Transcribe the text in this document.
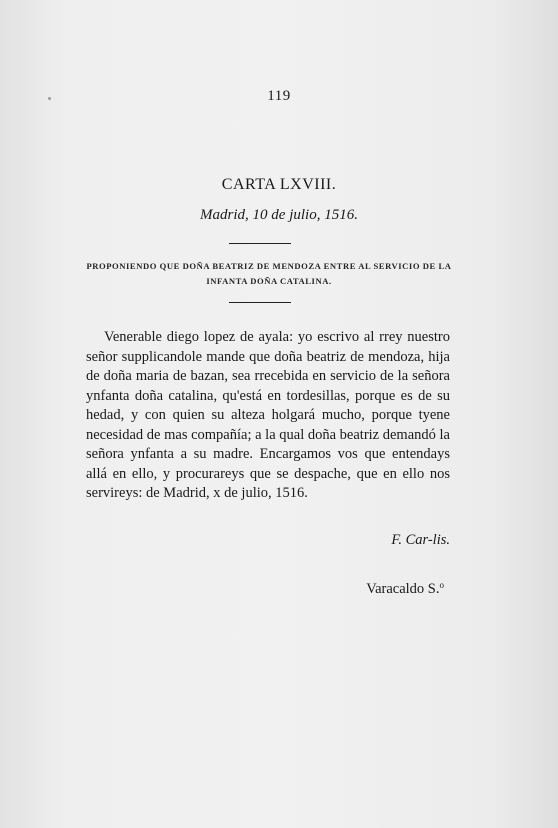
119
CARTA LXVIII.
Madrid, 10 de julio, 1516.
PROPONIENDO QUE DOÑA BEATRIZ DE MENDOZA ENTRE AL SERVICIO DE LA INFANTA DOÑA CATALINA.
Venerable diego lopez de ayala: yo escrivo al rrey nuestro señor supplicandole mande que doña beatriz de mendoza, hija de doña maria de bazan, sea rrecebida en servicio de la señora ynfanta doña catalina, qu'está en tordesillas, porque es de su hedad, y con quien su alteza holgará mucho, porque tyene necesidad de mas compañía; a la qual doña beatriz demandó la señora ynfanta a su madre. Encargamos vos que entendays allá en ello, y procurareys que se despache, que en ello nos servireys: de Madrid, x de julio, 1516.
F. Car-lis.
Varacaldo S.$^o$
